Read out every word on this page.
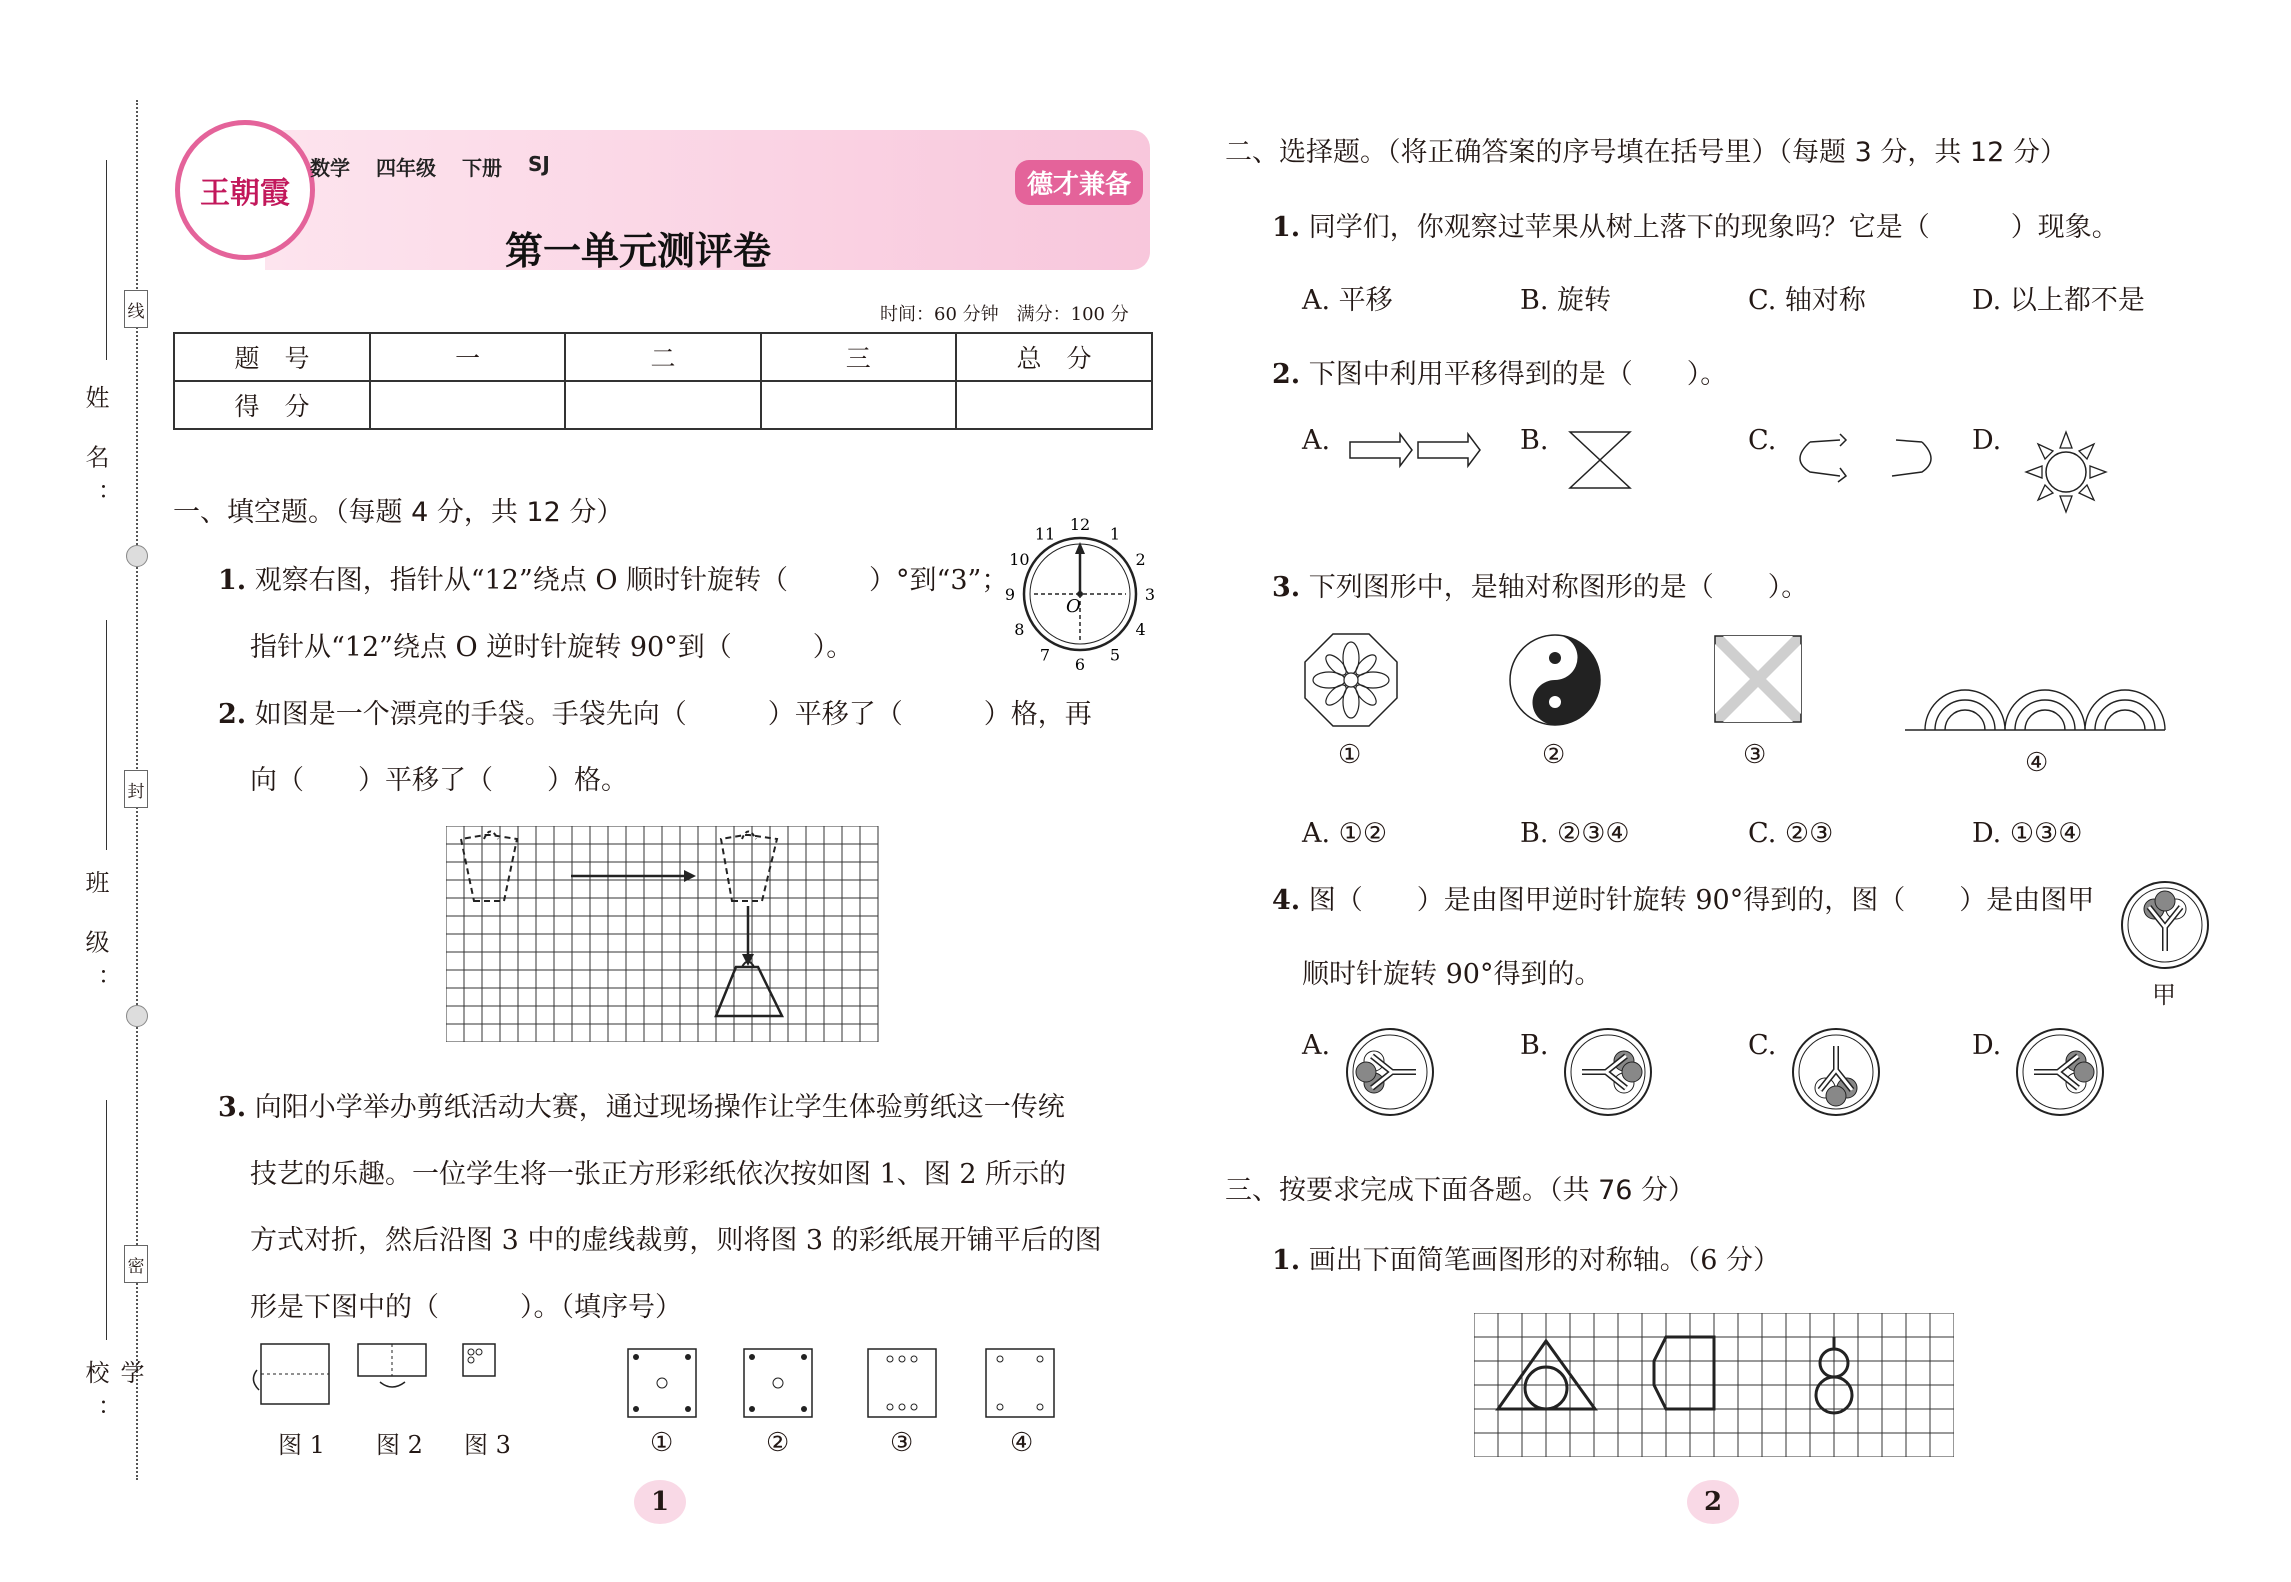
姓 名：
线
班 级：
封
学 校：
密
王朝霞
数学 四年级 下册 SJ
第一单元测评卷
德才兼备
时间：60 分钟　满分：100 分
题　号	一	二	三	总　分
得　分				
一、填空题。（每题 4 分，共 12 分）
1. 观察右图，指针从“12”绕点 O 顺时针旋转（　　　）°到“3”；
指针从“12”绕点 O 逆时针旋转 90°到（　　　）。
12 1
2
3
4
5
6
7
8
9
10
11
O
2. 如图是一个漂亮的手袋。手袋先向（　　　）平移了（　　　）格，再
向（　　）平移了（　　）格。
3. 向阳小学举办剪纸活动大赛，通过现场操作让学生体验剪纸这一传统
技艺的乐趣。一位学生将一张正方形彩纸依次按如图 1、图 2 所示的
方式对折，然后沿图 3 中的虚线裁剪，则将图 3 的彩纸展开铺平后的图
形是下图中的（　　　）。（填序号）
图 1 图 2 图 3	①	②	③	④
1
二、选择题。（将正确答案的序号填在括号里）（每题 3 分，共 12 分）
1. 同学们，你观察过苹果从树上落下的现象吗？它是（　　　）现象。
A. 平移	B. 旋转	C. 轴对称	D. 以上都不是
2. 下图中利用平移得到的是（　　）。
A.	B.	C.	D.
3. 下列图形中，是轴对称图形的是（　　）。
①	②	③	④
A. ①②	B. ②③④	C. ②③	D. ①③④
4. 图（　　）是由图甲逆时针旋转 90°得到的，图（　　）是由图甲
顺时针旋转 90°得到的。
甲
A.	B.	C.	D.
三、按要求完成下面各题。（共 76 分）
1. 画出下面简笔画图形的对称轴。（6 分）
2
